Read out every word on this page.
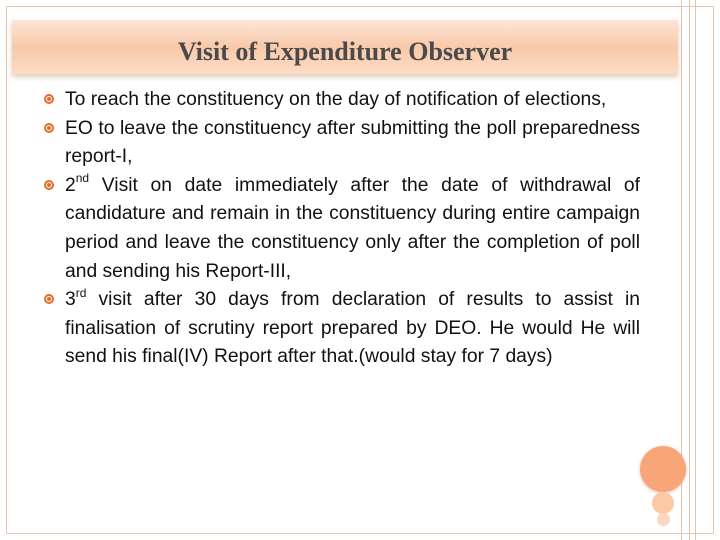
Visit of Expenditure Observer
To reach the constituency on the day of notification of elections,
EO to leave the constituency after submitting the poll preparedness report-I,
2nd Visit on date immediately after the date of withdrawal of candidature and remain in the constituency during entire campaign period and leave the constituency only after the completion of poll and sending his Report-III,
3rd visit after 30 days from declaration of results to assist in finalisation of scrutiny report prepared by DEO. He would He will send his final(IV) Report after that.(would stay for 7 days)
